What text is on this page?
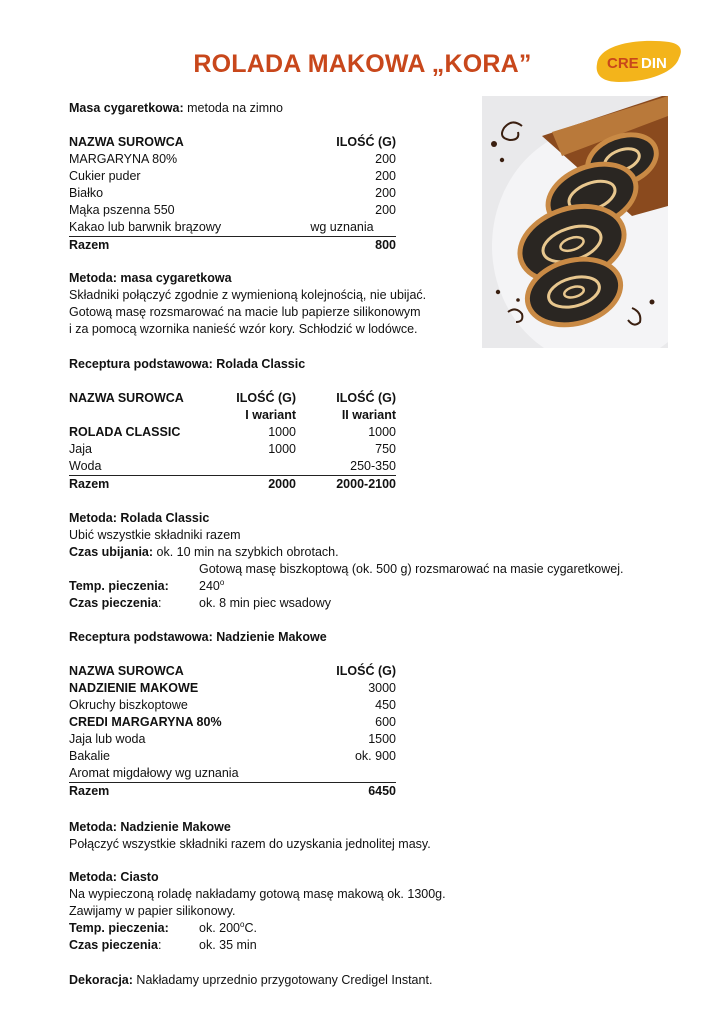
ROLADA MAKOWA „KORA”	CRE DIN
Masa cygaretkowa: metoda na zimno
NAZWA SUROWCA	ILOŚĆ (G)
MARGARYNA 80%	200
Cukier puder	200
Białko	200
Mąka pszenna 550	200
Kakao lub barwnik brązowy	wg uznania
Razem	800
Metoda: masa cygaretkowa
Składniki połączyć zgodnie z wymienioną kolejnością, nie ubijać.
Gotową masę rozsmarować na macie lub papierze silikonowym
i za pomocą wzornika nanieść wzór kory. Schłodzić w lodówce.
Receptura podstawowa: Rolada Classic
NAZWA SUROWCA	ILOŚĆ (G)	ILOŚĆ (G)
	I wariant	II wariant
ROLADA CLASSIC	1000	1000
Jaja	1000	750
Woda		250-350
Razem	2000	2000-2100
Metoda: Rolada Classic
Ubić wszystkie składniki razem
Czas ubijania: ok. 10 min na szybkich obrotach.
Gotową masę biszkoptową (ok. 500 g) rozsmarować na masie cygaretkowej.
Temp. pieczenia: 240$^o$
Czas pieczenia:	ok. 8 min piec wsadowy
Receptura podstawowa: Nadzienie Makowe
NAZWA SUROWCA	ILOŚĆ (G)
NADZIENIE MAKOWE	3000
Okruchy biszkoptowe	450
CREDI MARGARYNA 80%	600
Jaja lub woda	1500
Bakalie	ok. 900
Aromat migdałowy wg uznania	
Razem	6450
Metoda: Nadzienie Makowe
Połączyć wszystkie składniki razem do uzyskania jednolitej masy.
Metoda: Ciasto
Na wypieczoną roladę nakładamy gotową masę makową ok. 1300g.
Zawijamy w papier silikonowy.
Temp. pieczenia: ok. 200$^o$C.
Czas pieczenia:	ok. 35 min
Dekoracja: Nakładamy uprzednio przygotowany Credigel Instant.
